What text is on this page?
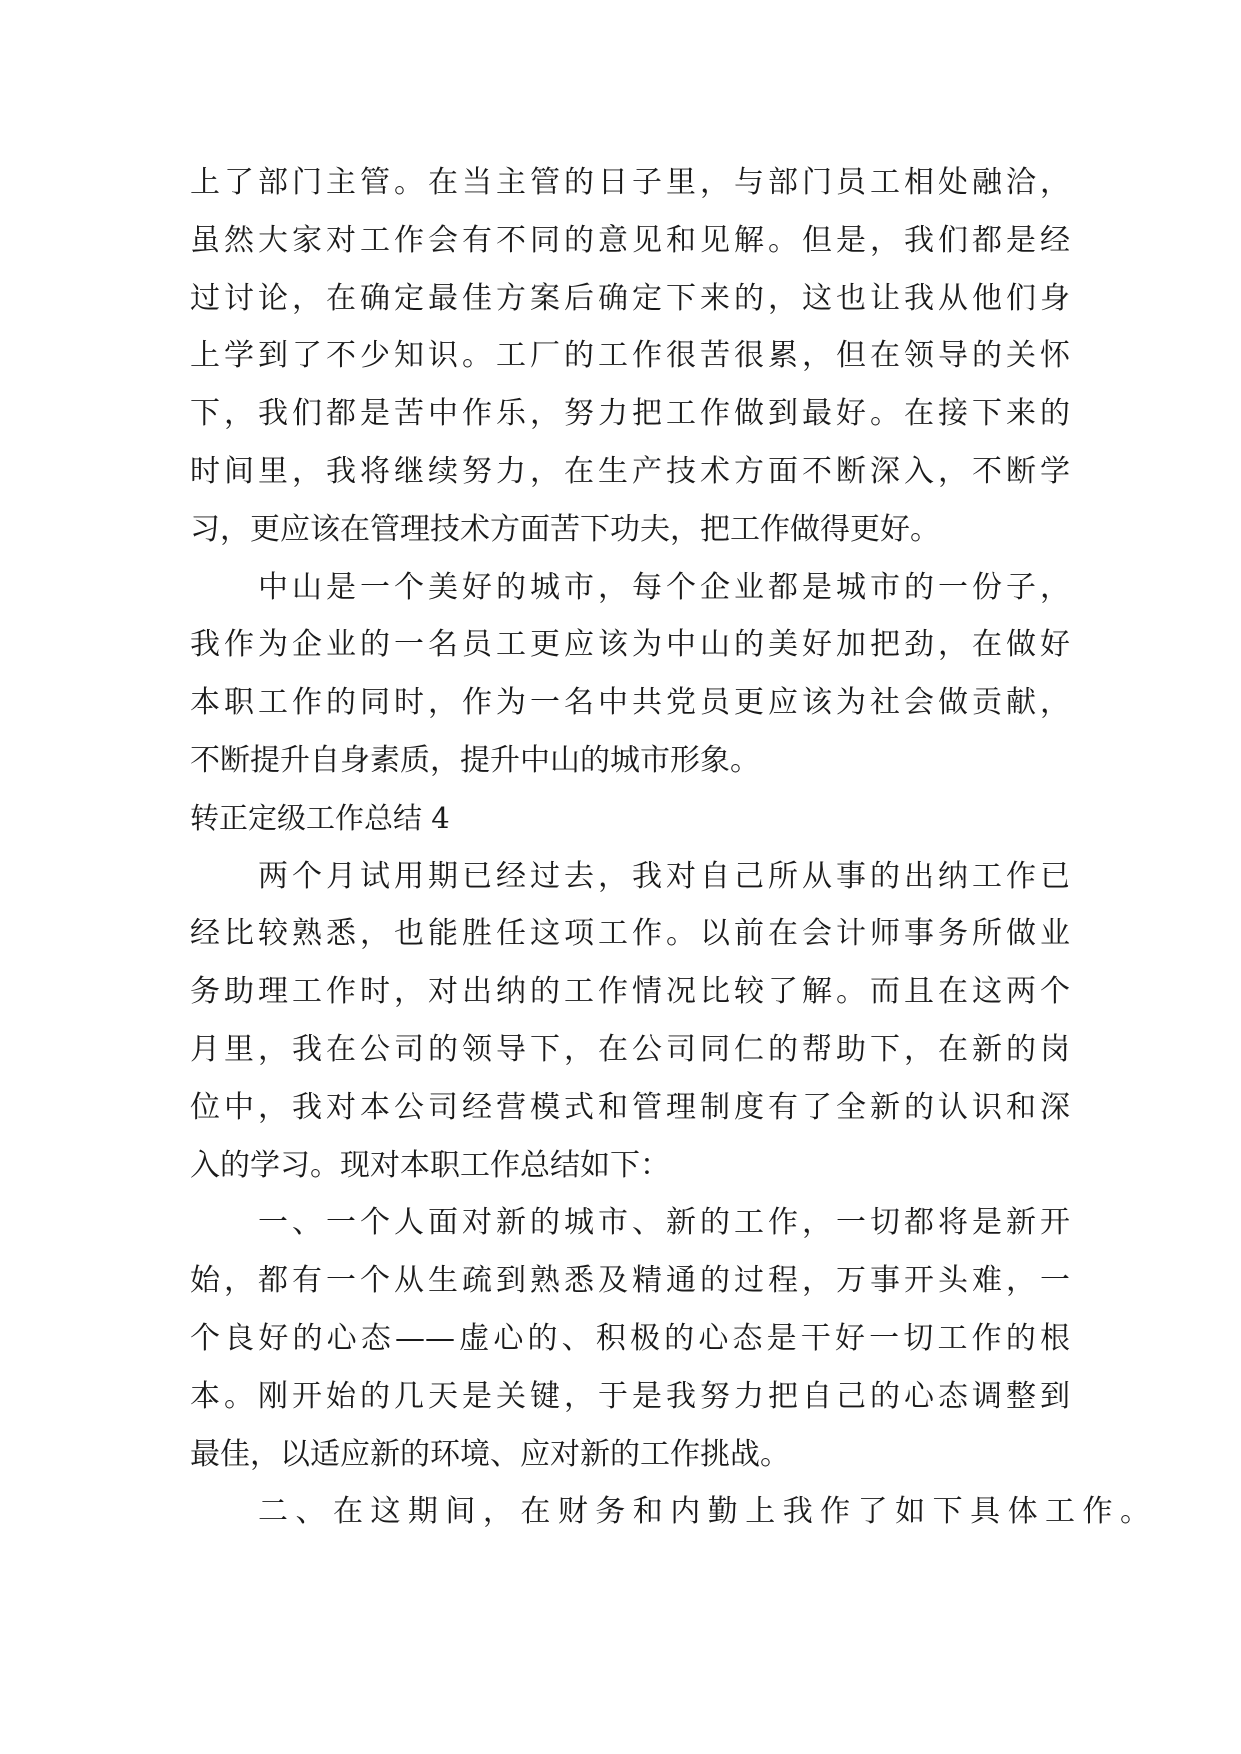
上了部门主管。在当主管的日子里，与部门员工相处融洽，
虽然大家对工作会有不同的意见和见解。但是，我们都是经
过讨论，在确定最佳方案后确定下来的，这也让我从他们身
上学到了不少知识。工厂的工作很苦很累，但在领导的关怀
下，我们都是苦中作乐，努力把工作做到最好。在接下来的
时间里，我将继续努力，在生产技术方面不断深入，不断学
习，更应该在管理技术方面苦下功夫，把工作做得更好。
中山是一个美好的城市，每个企业都是城市的一份子，
我作为企业的一名员工更应该为中山的美好加把劲，在做好
本职工作的同时，作为一名中共党员更应该为社会做贡献，
不断提升自身素质，提升中山的城市形象。
转正定级工作总结 4
两个月试用期已经过去，我对自己所从事的出纳工作已
经比较熟悉，也能胜任这项工作。以前在会计师事务所做业
务助理工作时，对出纳的工作情况比较了解。而且在这两个
月里，我在公司的领导下，在公司同仁的帮助下，在新的岗
位中，我对本公司经营模式和管理制度有了全新的认识和深
入的学习。现对本职工作总结如下：
一、一个人面对新的城市、新的工作，一切都将是新开
始，都有一个从生疏到熟悉及精通的过程，万事开头难，一
个良好的心态——虚心的、积极的心态是干好一切工作的根
本。刚开始的几天是关键，于是我努力把自己的心态调整到
最佳，以适应新的环境、应对新的工作挑战。
二、在这期间，在财务和内勤上我作了如下具体工作。
